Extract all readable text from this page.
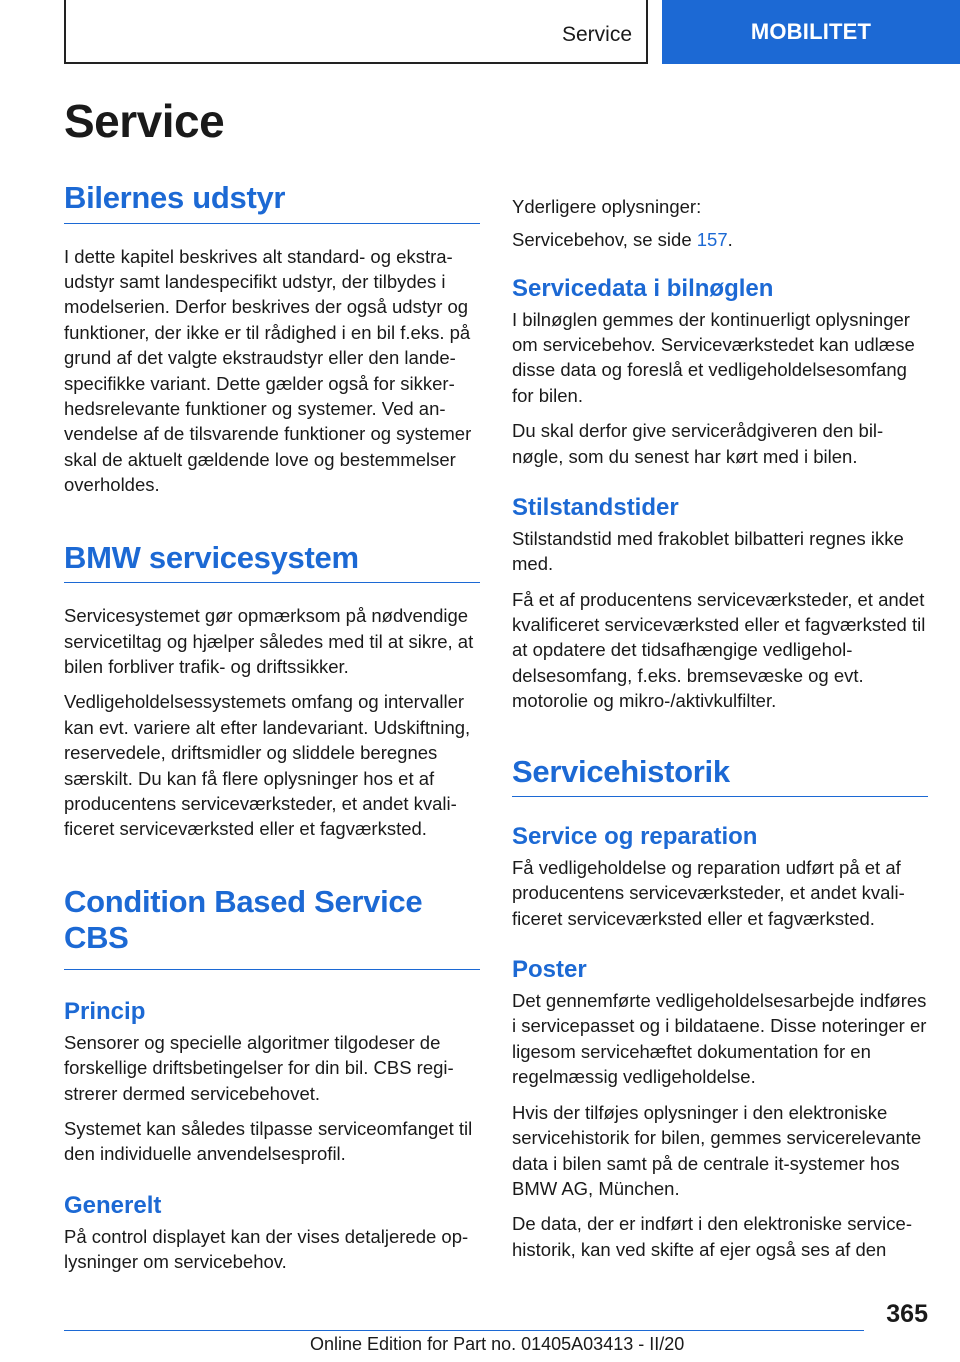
Service	MOBILITET
Service
Bilernes udstyr

I dette kapitel beskrives alt standard- og ekstraudstyr samt landespecifikt udstyr, der tilbydes i modelserien. Derfor beskrives der også udstyr og funktioner, der ikke er til rådighed i en bil f.eks. på grund af det valgte ekstraudstyr eller den landespecifikke variant. Dette gælder også for sikkerhedsrelevante funktioner og systemer. Ved anvendelse af de tilsvarende funktioner og systemer skal de aktuelt gældende love og bestemmelser overholdes.

BMW servicesystem

Servicesystemet gør opmærksom på nødvendige servicetiltag og hjælper således med til at sikre, at bilen forbliver trafik- og driftssikker.

Vedligeholdelsessystemets omfang og intervaller kan evt. variere alt efter landevariant. Udskiftning, reservedele, driftsmidler og sliddele beregnes særskilt. Du kan få flere oplysninger hos et af producentens serviceværksteder, et andet kvalificeret serviceværksted eller et fagværksted.

Condition Based Service CBS
Princip

Sensorer og specielle algoritmer tilgodeser de forskellige driftsbetingelser for din bil. CBS registrerer dermed servicebehovet.

Systemet kan således tilpasse serviceomfanget til den individuelle anvendelsesprofil.

Generelt

På control displayet kan der vises detaljerede oplysninger om servicebehov.

Yderligere oplysninger:

Servicebehov, se side 157.

Servicedata i bilnøglen

I bilnøglen gemmes der kontinuerligt oplysninger om servicebehov. Serviceværkstedet kan udlæse disse data og foreslå et vedligeholdelsesomfang for bilen.

Du skal derfor give servicerådgiveren den bilnøgle, som du senest har kørt med i bilen.

Stilstandstider

Stilstandstid med frakoblet bilbatteri regnes ikke med.

Få et af producentens serviceværksteder, et andet kvalificeret serviceværksted eller et fagværksted til at opdatere det tidsafhængige vedligeholdelsesomfang, f.eks. bremsevæske og evt. motorolie og mikro-/aktivkulfilter.

Servicehistorik
Service og reparation

Få vedligeholdelse og reparation udført på et af producentens serviceværksteder, et andet kvalificeret serviceværksted eller et fagværksted.

Poster

Det gennemførte vedligeholdelsesarbejde indføres i servicepasset og i bildataene. Disse noteringer er ligesom servicehæftet dokumentation for en regelmæssig vedligeholdelse.

Hvis der tilføjes oplysninger i den elektroniske servicehistorik for bilen, gemmes servicerelevante data i bilen samt på de centrale it-systemer hos BMW AG, München.

De data, der er indført i den elektroniske servicehistorik, kan ved skifte af ejer også ses af den

365
Online Edition for Part no. 01405A03413 - II/20
